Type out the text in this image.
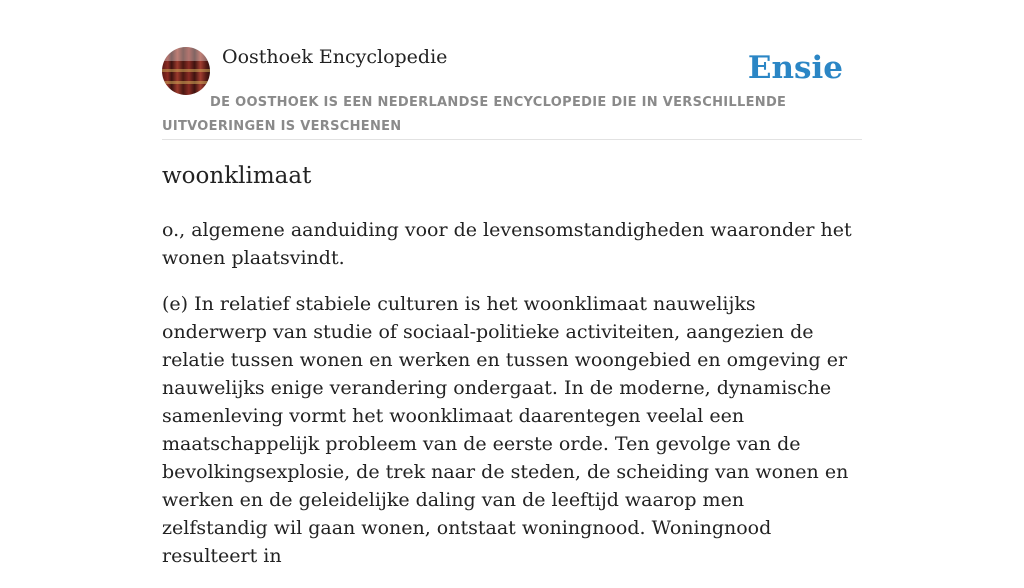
Oosthoek Encyclopedie	Ensie
DE OOSTHOEK IS EEN NEDERLANDSE ENCYCLOPEDIE DIE IN VERSCHILLENDE UITVOERINGEN IS VERSCHENEN
woonklimaat

o., algemene aanduiding voor de levensomstandigheden waaronder het wonen plaatsvindt.

(e) In relatief stabiele culturen is het woonklimaat nauwelijks onderwerp van studie of sociaal-politieke activiteiten, aangezien de relatie tussen wonen en werken en tussen woongebied en omgeving er nauwelijks enige verandering ondergaat. In de moderne, dynamische samenleving vormt het woonklimaat daarentegen veelal een maatschappelijk probleem van de eerste orde. Ten gevolge van de bevolkingsexplosie, de trek naar de steden, de scheiding van wonen en werken en de geleidelijke daling van de leeftijd waarop men zelfstandig wil gaan wonen, ontstaat woningnood. Woningnood resulteert in
